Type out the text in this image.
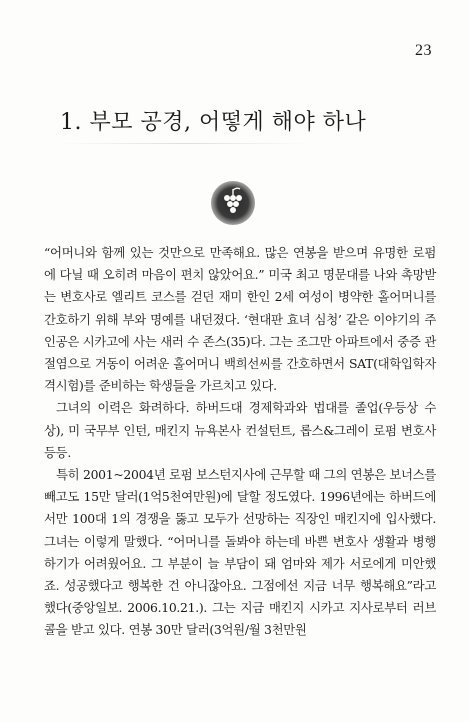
23
1. 부모 공경, 어떻게 해야 하나

“어머니와 함께 있는 것만으로 만족해요. 많은 연봉을 받으며 유명한 로펌에 다닐 때 오히려 마음이 편치 않았어요.” 미국 최고 명문대를 나와 촉망받는 변호사로 엘리트 코스를 걷던 재미 한인 2세 여성이 병약한 홀어머니를 간호하기 위해 부와 명예를 내던졌다. ‘현대판 효녀 심청’ 같은 이야기의 주인공은 시카고에 사는 새러 수 존스(35)다. 그는 조그만 아파트에서 중증 관절염으로 거동이 어려운 홀어머니 백희선씨를 간호하면서 SAT(대학입학자격시험)를 준비하는 학생들을 가르치고 있다.

그녀의 이력은 화려하다. 하버드대 경제학과와 법대를 졸업(우등상 수상), 미 국무부 인턴, 매킨지 뉴욕본사 컨설턴트, 롭스&그레이 로펌 변호사 등등.

특히 2001~2004년 로펌 보스턴지사에 근무할 때 그의 연봉은 보너스를 빼고도 15만 달러(1억5천여만원)에 달할 정도였다. 1996년에는 하버드에서만 100대 1의 경쟁을 뚫고 모두가 선망하는 직장인 매킨지에 입사했다. 그녀는 이렇게 말했다. “어머니를 돌봐야 하는데 바쁜 변호사 생활과 병행하기가 어려웠어요. 그 부분이 늘 부담이 돼 엄마와 제가 서로에게 미안했죠. 성공했다고 행복한 건 아니잖아요. 그점에선 지금 너무 행복해요”라고 했다(중앙일보. 2006.10.21.). 그는 지금 매킨지 시카고 지사로부터 러브콜을 받고 있다. 연봉 30만 달러(3억원/월 3천만원
